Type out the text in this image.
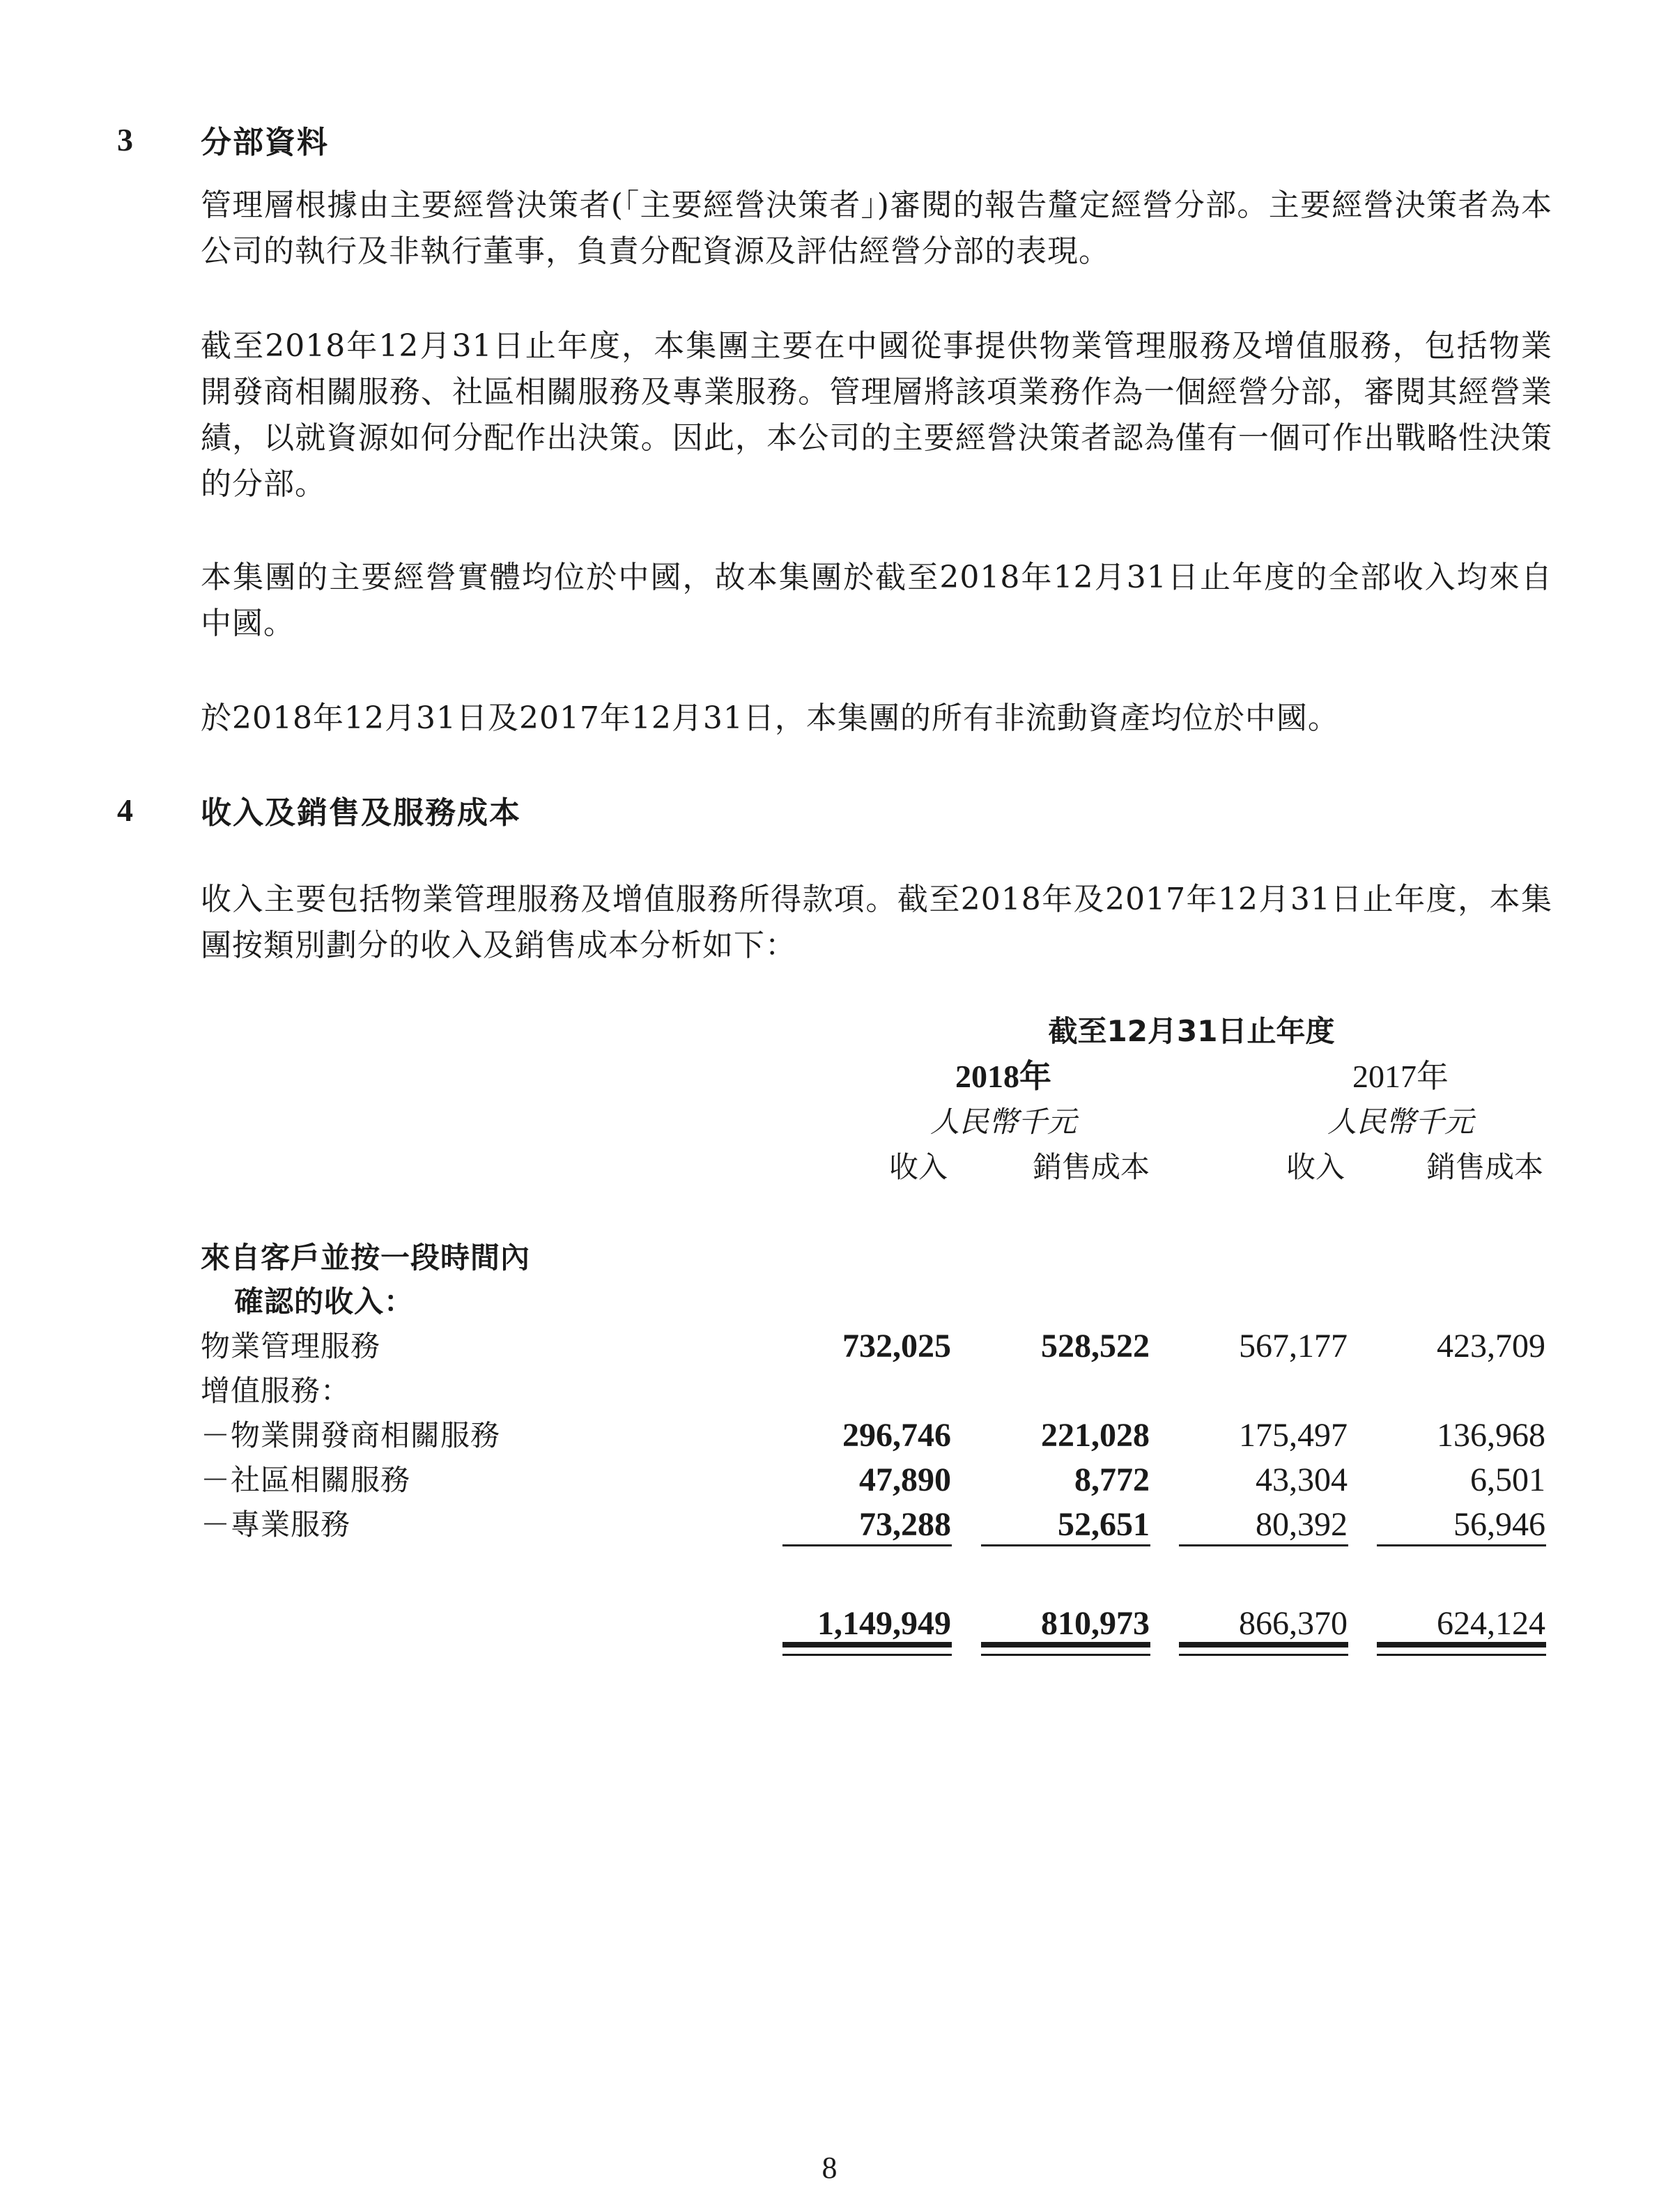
3	分部資料

管理層根據由主要經營決策者(「主要經營決策者」)審閱的報告釐定經營分部。主要經營決策者為本公司的執行及非執行董事，負責分配資源及評估經營分部的表現。

截至2018年12月31日止年度，本集團主要在中國從事提供物業管理服務及增值服務，包括物業開發商相關服務、社區相關服務及專業服務。管理層將該項業務作為一個經營分部，審閱其經營業績，以就資源如何分配作出決策。因此，本公司的主要經營決策者認為僅有一個可作出戰略性決策的分部。

本集團的主要經營實體均位於中國，故本集團於截至2018年12月31日止年度的全部收入均來自中國。

於2018年12月31日及2017年12月31日，本集團的所有非流動資產均位於中國。

4	收入及銷售及服務成本

收入主要包括物業管理服務及增值服務所得款項。截至2018年及2017年12月31日止年度，本集團按類別劃分的收入及銷售成本分析如下：

截至12月31日止年度
2018年	2017年
人民幣千元	人民幣千元
收入	銷售成本	收入	銷售成本
來自客戶並按一段時間內
確認的收入：
物業管理服務	732,025	528,522	567,177	423,709
增值服務：
－物業開發商相關服務	296,746	221,028	175,497	136,968
－社區相關服務	47,890	8,772	43,304	6,501
－專業服務	73,288	52,651	80,392	56,946
1,149,949	810,973	866,370	624,124
8
